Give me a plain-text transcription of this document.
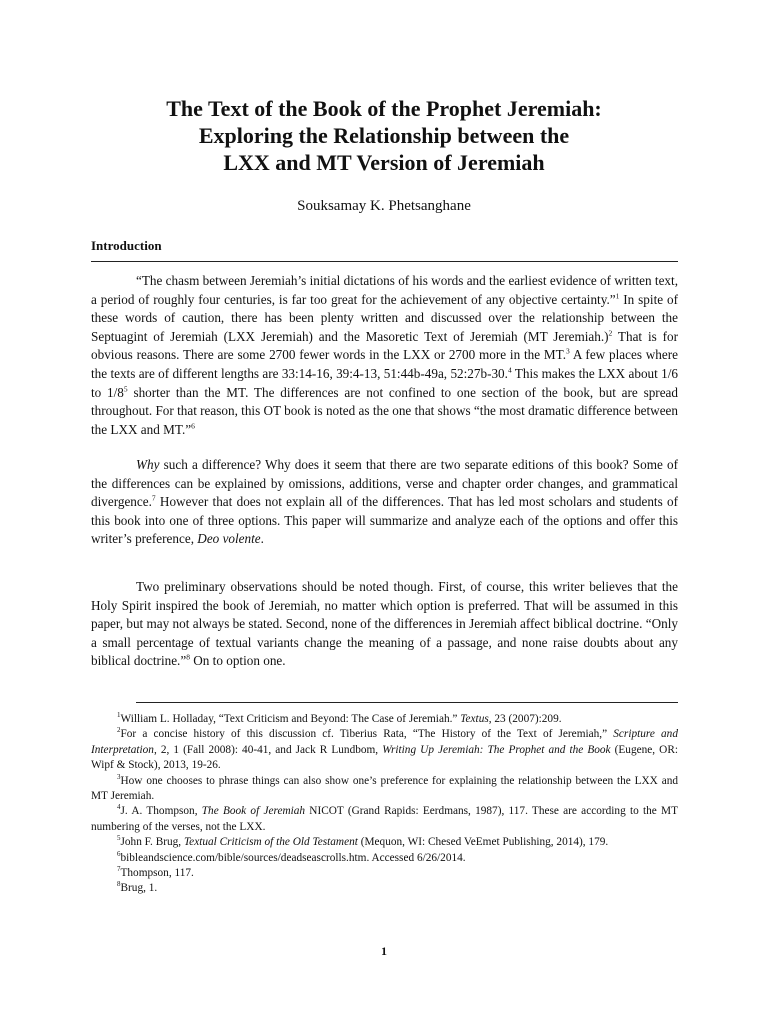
The Text of the Book of the Prophet Jeremiah:
Exploring the Relationship between the
LXX and MT Version of Jeremiah
Souksamay K. Phetsanghane
Introduction

“The chasm between Jeremiah’s initial dictations of his words and the earliest evidence of written text, a period of roughly four centuries, is far too great for the achievement of any objective certainty.”$^1$ In spite of these words of caution, there has been plenty written and discussed over the relationship between the Septuagint of Jeremiah (LXX Jeremiah) and the Masoretic Text of Jeremiah (MT Jeremiah.)$^2$ That is for obvious reasons. There are some 2700 fewer words in the LXX or 2700 more in the MT.$^3$ A few places where the texts are of different lengths are 33:14-16, 39:4-13, 51:44b-49a, 52:27b-30.$^4$ This makes the LXX about 1/6 to $1/8^5$ shorter than the MT. The differences are not confined to one section of the book, but are spread throughout. For that reason, this OT book is noted as the one that shows “the most dramatic difference between the LXX and MT.”$^6$

Why such a difference? Why does it seem that there are two separate editions of this book? Some of the differences can be explained by omissions, additions, verse and chapter order changes, and grammatical divergence.$^7$ However that does not explain all of the differences. That has led most scholars and students of this book into one of three options. This paper will summarize and analyze each of the options and offer this writer’s preference, Deo volente.

Two preliminary observations should be noted though. First, of course, this writer believes that the Holy Spirit inspired the book of Jeremiah, no matter which option is preferred. That will be assumed in this paper, but may not always be stated. Second, none of the differences in Jeremiah affect biblical doctrine. “Only a small percentage of textual variants change the meaning of a passage, and none raise doubts about any biblical doctrine.”$^8$ On to option one.

$^1$William L. Holladay, “Text Criticism and Beyond: The Case of Jeremiah.” Textus, 23 (2007):209.

$^2$For a concise history of this discussion cf. Tiberius Rata, “The History of the Text of Jeremiah,” Scripture and Interpretation, 2, 1 (Fall 2008): 40-41, and Jack R Lundbom, Writing Up Jeremiah: The Prophet and the Book (Eugene, OR: Wipf & Stock), 2013, 19-26.

$^3$How one chooses to phrase things can also show one’s preference for explaining the relationship between the LXX and MT Jeremiah.

$^4$J. A. Thompson, The Book of Jeremiah NICOT (Grand Rapids: Eerdmans, 1987), 117. These are according to the MT numbering of the verses, not the LXX.

$^5$John F. Brug, Textual Criticism of the Old Testament (Mequon, WI: Chesed VeEmet Publishing, 2014), 179.

$^6$bibleandscience.com/bible/sources/deadseascrolls.htm. Accessed 6/26/2014.

$^7$Thompson, 117.

$^8$Brug, 1.

1
